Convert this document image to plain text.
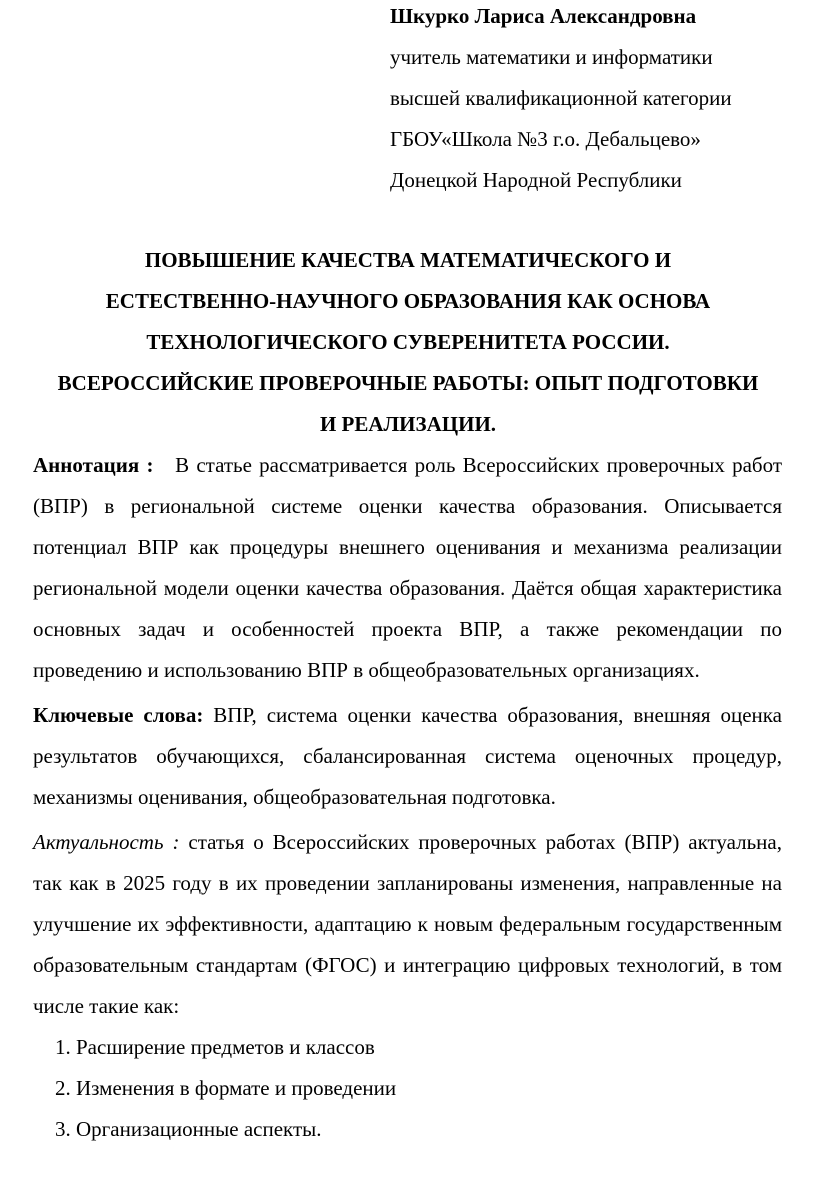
Шкурко Лариса Александровна
учитель математики и информатики
высшей квалификационной категории
ГБОУ«Школа №3 г.о. Дебальцево»
Донецкой Народной Республики
ПОВЫШЕНИЕ КАЧЕСТВА МАТЕМАТИЧЕСКОГО И
ЕСТЕСТВЕННО-НАУЧНОГО ОБРАЗОВАНИЯ КАК ОСНОВА
ТЕХНОЛОГИЧЕСКОГО СУВЕРЕНИТЕТА РОССИИ.
ВСЕРОССИЙСКИЕ ПРОВЕРОЧНЫЕ РАБОТЫ: ОПЫТ ПОДГОТОВКИ
И РЕАЛИЗАЦИИ.

Аннотация : В статье рассматривается роль Всероссийских проверочных работ (ВПР) в региональной системе оценки качества образования. Описывается потенциал ВПР как процедуры внешнего оценивания и механизма реализации региональной модели оценки качества образования. Даётся общая характеристика основных задач и особенностей проекта ВПР, а также рекомендации по проведению и использованию ВПР в общеобразовательных организациях.

Ключевые слова: ВПР, система оценки качества образования, внешняя оценка результатов обучающихся, сбалансированная система оценочных процедур, механизмы оценивания, общеобразовательная подготовка.

Актуальность : статья о Всероссийских проверочных работах (ВПР) актуальна, так как в 2025 году в их проведении запланированы изменения, направленные на улучшение их эффективности, адаптацию к новым федеральным государственным образовательным стандартам (ФГОС) и интеграцию цифровых технологий, в том числе такие как:

1. Расширение предметов и классов
2. Изменения в формате и проведении
3. Организационные аспекты.
